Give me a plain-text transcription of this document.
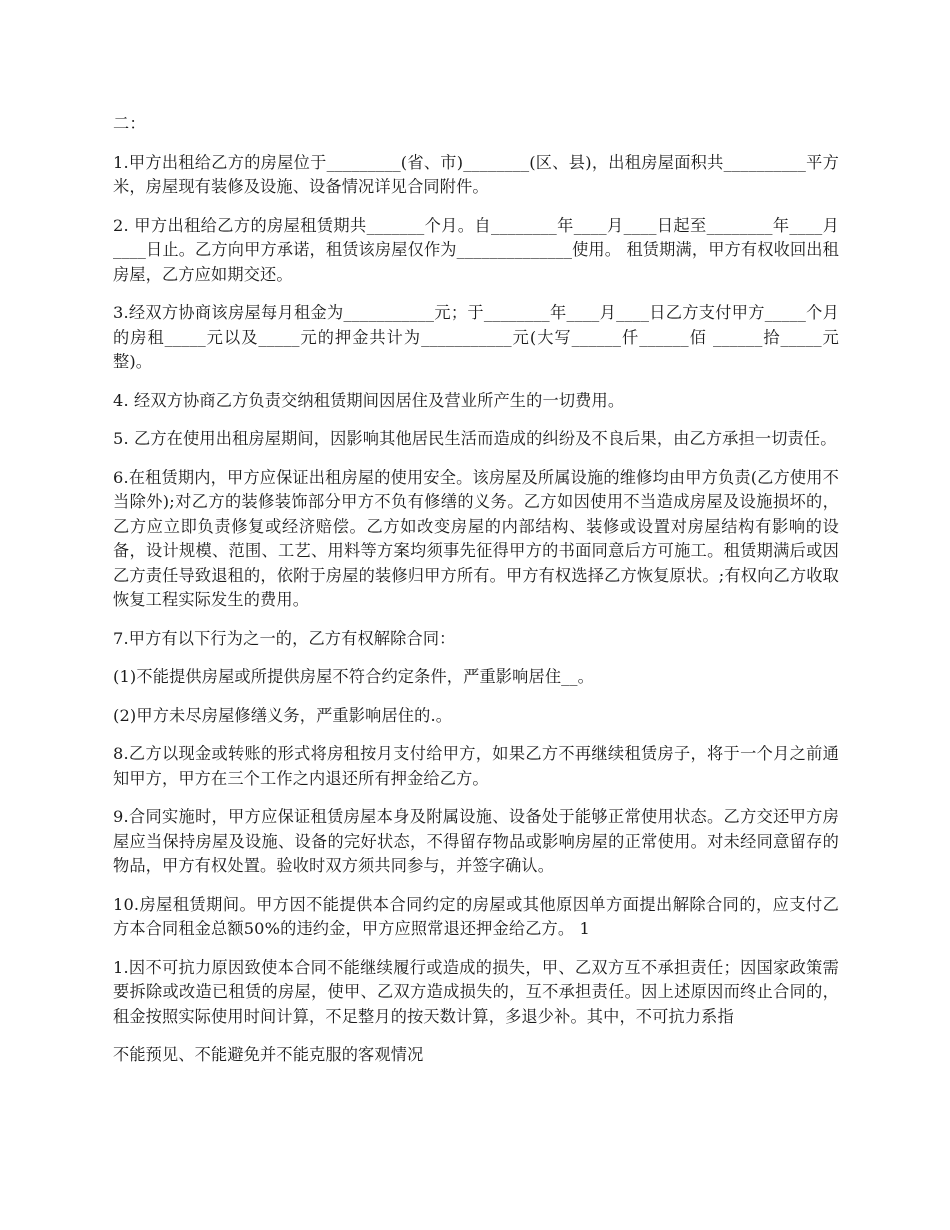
二：

1.甲方出租给乙方的房屋位于_________(省、市)________(区、县)，出租房屋面积共__________平方米，房屋现有装修及设施、设备情况详见合同附件。

2. 甲方出租给乙方的房屋租赁期共_______个月。自________年____月____日起至________年____月____日止。乙方向甲方承诺，租赁该房屋仅作为______________使用。 租赁期满，甲方有权收回出租房屋，乙方应如期交还。

3.经双方协商该房屋每月租金为___________元；于________年____月____日乙方支付甲方_____个月的房租_____元以及_____元的押金共计为___________元(大写______仟______佰 ______拾_____元整)。

4. 经双方协商乙方负责交纳租赁期间因居住及营业所产生的一切费用。

5. 乙方在使用出租房屋期间，因影响其他居民生活而造成的纠纷及不良后果，由乙方承担一切责任。

6.在租赁期内，甲方应保证出租房屋的使用安全。该房屋及所属设施的维修均由甲方负责(乙方使用不当除外);对乙方的装修装饰部分甲方不负有修缮的义务。乙方如因使用不当造成房屋及设施损坏的，乙方应立即负责修复或经济赔偿。乙方如改变房屋的内部结构、装修或设置对房屋结构有影响的设备，设计规模、范围、工艺、用料等方案均须事先征得甲方的书面同意后方可施工。租赁期满后或因乙方责任导致退租的，依附于房屋的装修归甲方所有。甲方有权选择乙方恢复原状。;有权向乙方收取恢复工程实际发生的费用。

7.甲方有以下行为之一的，乙方有权解除合同：

(1)不能提供房屋或所提供房屋不符合约定条件，严重影响居住__。

(2)甲方未尽房屋修缮义务，严重影响居住的.。

8.乙方以现金或转账的形式将房租按月支付给甲方，如果乙方不再继续租赁房子，将于一个月之前通知甲方，甲方在三个工作之内退还所有押金给乙方。

9.合同实施时，甲方应保证租赁房屋本身及附属设施、设备处于能够正常使用状态。乙方交还甲方房屋应当保持房屋及设施、设备的完好状态，不得留存物品或影响房屋的正常使用。对未经同意留存的物品，甲方有权处置。验收时双方须共同参与，并签字确认。

10.房屋租赁期间。甲方因不能提供本合同约定的房屋或其他原因单方面提出解除合同的，应支付乙方本合同租金总额50%的违约金，甲方应照常退还押金给乙方。 1

1.因不可抗力原因致使本合同不能继续履行或造成的损失，甲、乙双方互不承担责任；因国家政策需要拆除或改造已租赁的房屋，使甲、乙双方造成损失的，互不承担责任。因上述原因而终止合同的，租金按照实际使用时间计算，不足整月的按天数计算，多退少补。其中，不可抗力系指

不能预见、不能避免并不能克服的客观情况
